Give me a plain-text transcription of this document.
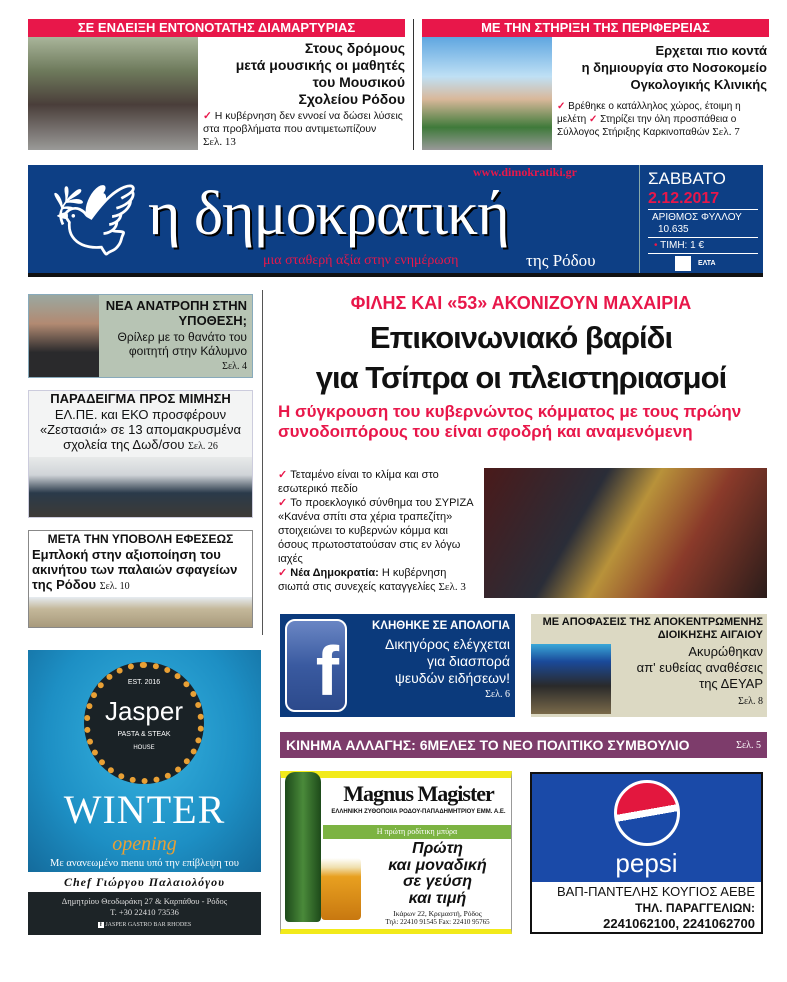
ΣΕ ΕΝΔΕΙΞΗ ΕΝΤΟΝΟΤΑΤΗΣ ΔΙΑΜΑΡΤΥΡΙΑΣ
Στους δρόμους
μετά μουσικής οι μαθητές
του Μουσικού
Σχολείου Ρόδου
✓ Η κυβέρνηση δεν εννοεί να δώσει λύσεις στα προβλήματα που αντιμετωπίζουν Σελ. 13
ΜΕ ΤΗΝ ΣΤΗΡΙΞΗ ΤΗΣ ΠΕΡΙΦΕΡΕΙΑΣ
Ερχεται πιο κοντά
η δημιουργία στο Νοσοκομείο
Ογκολογικής Κλινικής
✓ Βρέθηκε ο κατάλληλος χώρος, έτοιμη η μελέτη ✓ Στηρίζει την όλη προσπάθεια ο Σύλλογος Στήριξης Καρκινοπαθών Σελ. 7
🕊 η δημοκρατική
www.dimokratiki.gr
της Ρόδου
μια σταθερή αξία στην ενημέρωση
ΣΑΒΒΑΤΟ
2.12.2017
ΑΡΙΘΜΟΣ ΦΥΛΛΟΥ
10.635
• ΤΙΜΗ: 1 €
ΕΛΤΑ
ΝΕΑ ΑΝΑΤΡΟΠΗ ΣΤΗΝ ΥΠΟΘΕΣΗ;
Θρίλερ με το θανάτο του φοιτητή στην Κάλυμνο Σελ. 4
ΠΑΡΑΔΕΙΓΜΑ ΠΡΟΣ ΜΙΜΗΣΗ
ΕΛ.ΠΕ. και ΕΚΟ προσφέρουν «Ζεστασιά» σε 13 απομακρυσμένα σχολεία της Δωδ/σου Σελ. 26
ΜΕΤΑ ΤΗΝ ΥΠΟΒΟΛΗ ΕΦΕΣΕΩΣ
Εμπλοκή στην αξιοποίηση του ακινήτου των παλαιών σφαγείων της Ρόδου Σελ. 10
ΦΙΛΗΣ ΚΑΙ «53» ΑΚΟΝΙΖΟΥΝ ΜΑΧΑΙΡΙΑ
Επικοινωνιακό βαρίδι
για Τσίπρα οι πλειστηριασμοί
Η σύγκρουση του κυβερνώντος κόμματος με τους πρώην συνοδοιπόρους του είναι σφοδρή και αναμενόμενη
✓ Τεταμένο είναι το κλίμα και στο εσωτερικό πεδίο
✓ Το προεκλογικό σύνθημα του ΣΥΡΙΖΑ «Κανένα σπίτι στα χέρια τραπεζίτη» στοιχειώνει το κυβερνών κόμμα και όσους πρωτοστατούσαν στις εν λόγω ιαχές
✓ Νέα Δημοκρατία: Η κυβέρνηση σιωπά στις συνεχείς καταγγελίες Σελ. 3
f
ΚΛΗΘΗΚΕ ΣΕ ΑΠΟΛΟΓΙΑ
Δικηγόρος ελέγχεται
για διασπορά
ψευδών ειδήσεων!
Σελ. 6
ΜΕ ΑΠΟΦΑΣΕΙΣ ΤΗΣ ΑΠΟΚΕΝΤΡΩΜΕΝΗΣ ΔΙΟΙΚΗΣΗΣ ΑΙΓΑΙΟΥ
Ακυρώθηκαν
απ' ευθείας αναθέσεις
της ΔΕΥΑΡ
Σελ. 8
ΚΙΝΗΜΑ ΑΛΛΑΓΗΣ: 6ΜΕΛΕΣ ΤΟ ΝΕΟ ΠΟΛΙΤΙΚΟ ΣΥΜΒΟΥΛΙΟ	Σελ. 5
EST. 2016
Jasper
PASTA & STEAK
HOUSE
WINTER
opening
Με ανανεωμένο menu υπό την επίβλεψη του
Chef Γιώργου Παλαιολόγου
Δημητρίου Θεοδωράκη 27 & Καρπάθου - Ρόδος
T. +30 22410 73536
f JASPER GASTRO BAR RHODES
Magnus Magister
ΕΛΛΗΝΙΚΗ ΖΥΘΟΠΟΙΙΑ ΡΟΔΟΥ-ΠΑΠΑΔΗΜΗΤΡΙΟΥ ΕΜΜ. Α.Ε.
Η πρώτη ροδίτικη μπύρα
Πρώτη
και μοναδική
σε γεύση
και τιμή
Ικάρων 22, Κρεμαστή, Ρόδος
Τηλ: 22410 91545 Fax: 22410 95765
pepsi
ΒΑΠ-ΠΑΝΤΕΛΗΣ ΚΟΥΓΙΟΣ ΑΕΒΕ
ΤΗΛ. ΠΑΡΑΓΓΕΛΙΩΝ:
2241062100, 2241062700
